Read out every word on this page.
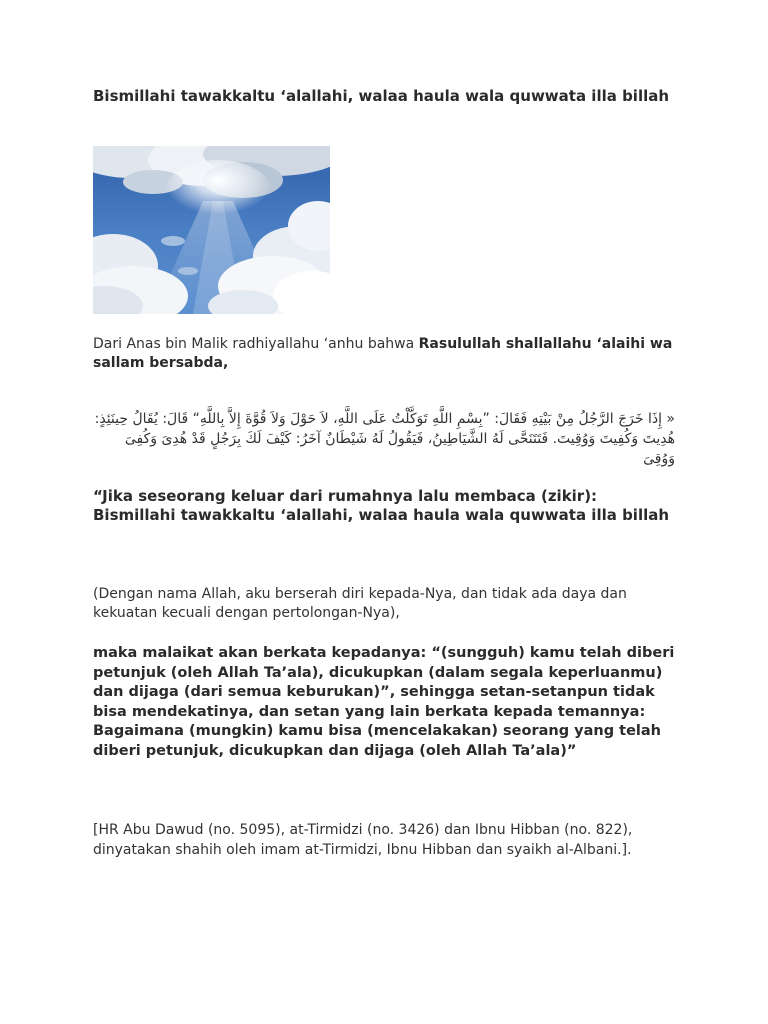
Bismillahi tawakkaltu ‘alallahi, walaa haula wala quwwata illa billah

Dari Anas bin Malik radhiyallahu ‘anhu bahwa Rasulullah shallallahu ‘alaihi wa sallam bersabda,

« إِذَا خَرَجَ الرَّجُلُ مِنْ بَيْتِهِ فَقَالَ: ”بِسْمِ اللَّهِ تَوَكَّلْتُ عَلَى اللَّهِ، لاَ حَوْلَ وَلاَ قُوَّةَ إِلاَّ بِاللَّهِ“ قَالَ: يُقَالُ حِينَئِذٍ: هُدِيتَ وَكُفِيتَ وَوُقِيتَ. فَتَتَنَحَّى لَهُ الشَّيَاطِينُ، فَيَقُولُ لَهُ شَيْطَانٌ آخَرُ: كَيْفَ لَكَ بِرَجُلٍ قَدْ هُدِىَ وَكُفِىَ وَوُقِىَ

“Jika seseorang keluar dari rumahnya lalu membaca (zikir): Bismillahi tawakkaltu ‘alallahi, walaa haula wala quwwata illa billah

(Dengan nama Allah, aku berserah diri kepada-Nya, dan tidak ada daya dan kekuatan kecuali dengan pertolongan-Nya),

maka malaikat akan berkata kepadanya: “(sungguh) kamu telah diberi petunjuk (oleh Allah Ta’ala), dicukupkan (dalam segala keperluanmu) dan dijaga (dari semua keburukan)”, sehingga setan-setanpun tidak bisa mendekatinya, dan setan yang lain berkata kepada temannya: Bagaimana (mungkin) kamu bisa (mencelakakan) seorang yang telah diberi petunjuk, dicukupkan dan dijaga (oleh Allah Ta’ala)”

[HR Abu Dawud (no. 5095), at-Tirmidzi (no. 3426) dan Ibnu Hibban (no. 822), dinyatakan shahih oleh imam at-Tirmidzi, Ibnu Hibban dan syaikh al-Albani.].
